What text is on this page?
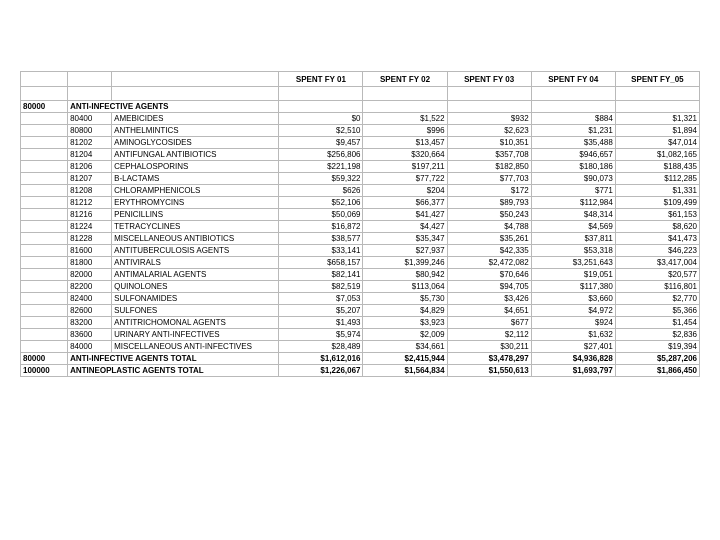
			SPENT FY 01	SPENT FY 02	SPENT FY 03	SPENT FY 04	SPENT FY_05

80000	ANTI-INFECTIVE AGENTS						
	80400	AMEBICIDES	$0	$1,522	$932	$884	$1,321
	80800	ANTHELMINTICS	$2,510	$996	$2,623	$1,231	$1,894
	81202	AMINOGLYCOSIDES	$9,457	$13,457	$10,351	$35,488	$47,014
	81204	ANTIFUNGAL ANTIBIOTICS	$256,806	$320,664	$357,708	$946,657	$1,082,165
	81206	CEPHALOSPORINS	$221,198	$197,211	$182,850	$180,186	$188,435
	81207	B-LACTAMS	$59,322	$77,722	$77,703	$90,073	$112,285
	81208	CHLORAMPHENICOLS	$626	$204	$172	$771	$1,331
	81212	ERYTHROMYCINS	$52,106	$66,377	$89,793	$112,984	$109,499
	81216	PENICILLINS	$50,069	$41,427	$50,243	$48,314	$61,153
	81224	TETRACYCLINES	$16,872	$4,427	$4,788	$4,569	$8,620
	81228	MISCELLANEOUS ANTIBIOTICS	$38,577	$35,347	$35,261	$37,811	$41,473
	81600	ANTITUBERCULOSIS AGENTS	$33,141	$27,937	$42,335	$53,318	$46,223
	81800	ANTIVIRALS	$658,157	$1,399,246	$2,472,082	$3,251,643	$3,417,004
	82000	ANTIMALARIAL AGENTS	$82,141	$80,942	$70,646	$19,051	$20,577
	82200	QUINOLONES	$82,519	$113,064	$94,705	$117,380	$116,801
	82400	SULFONAMIDES	$7,053	$5,730	$3,426	$3,660	$2,770
	82600	SULFONES	$5,207	$4,829	$4,651	$4,972	$5,366
	83200	ANTITRICHOMONAL AGENTS	$1,493	$3,923	$677	$924	$1,454
	83600	URINARY ANTI-INFECTIVES	$5,974	$2,009	$2,112	$1,632	$2,836
	84000	MISCELLANEOUS ANTI-INFECTIVES	$28,489	$34,661	$30,211	$27,401	$19,394
80000	ANTI-INFECTIVE AGENTS TOTAL		$1,612,016	$2,415,944	$3,478,297	$4,936,828	$5,287,206
100000	ANTINEOPLASTIC AGENTS TOTAL		$1,226,067	$1,564,834	$1,550,613	$1,693,797	$1,866,450
